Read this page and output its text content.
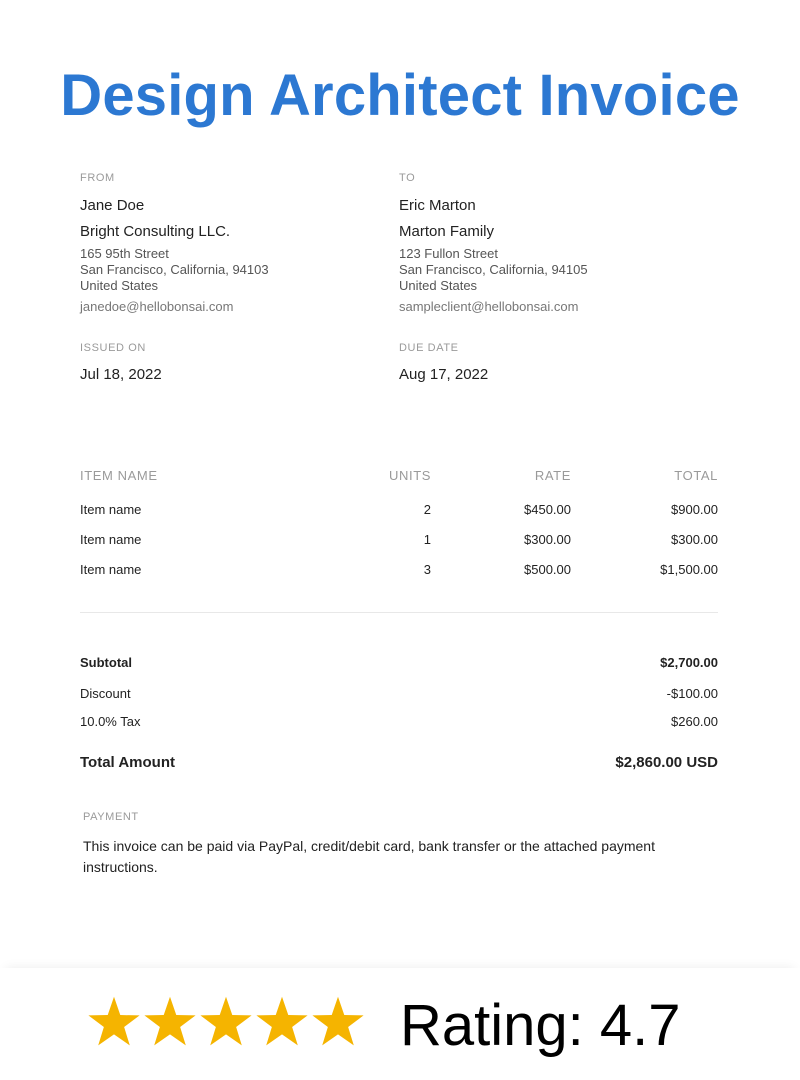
Design Architect Invoice
FROM
Jane Doe
Bright Consulting LLC.
165 95th Street
San Francisco, California, 94103
United States
janedoe@hellobonsai.com
TO
Eric Marton
Marton Family
123 Fullon Street
San Francisco, California, 94105
United States
sampleclient@hellobonsai.com
ISSUED ON
Jul 18, 2022
DUE DATE
Aug 17, 2022
ITEM NAME	UNITS	RATE	TOTAL
Item name	2	$450.00	$900.00
Item name	1	$300.00	$300.00
Item name	3	$500.00	$1,500.00
Subtotal	$2,700.00
Discount	-$100.00
10.0% Tax	$260.00
Total Amount	$2,860.00 USD
PAYMENT
This invoice can be paid via PayPal, credit/debit card, bank transfer or the attached payment instructions.
Rating: 4.7
